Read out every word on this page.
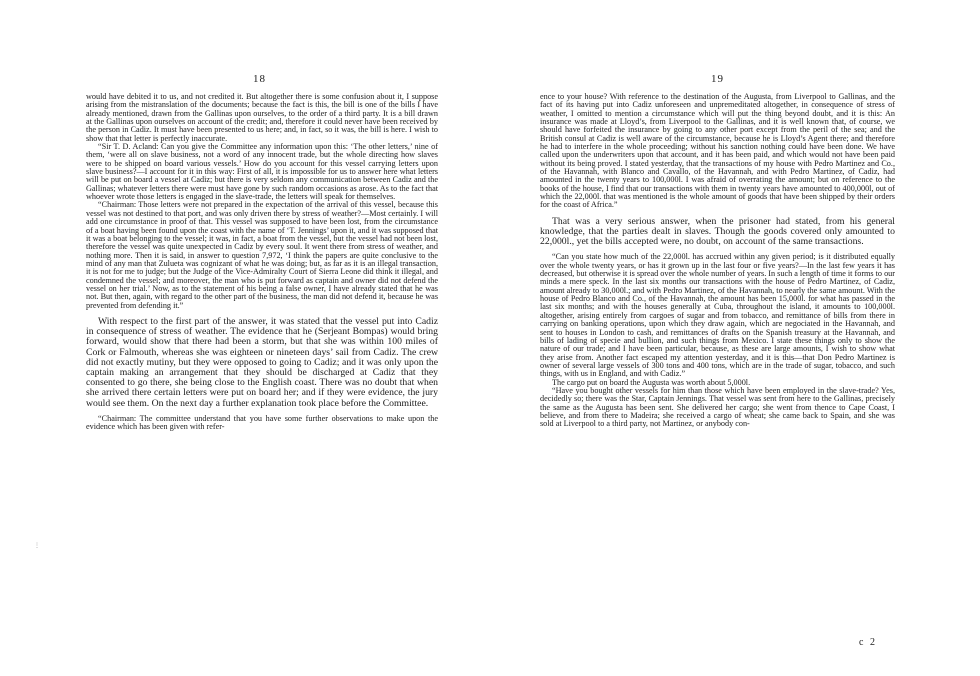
18	19

would have debited it to us, and not credited it. But altogether there is some confusion about it, I suppose arising from the mistranslation of the documents; because the fact is this, the bill is one of the bills I have already mentioned, drawn from the Gallinas upon ourselves, to the order of a third party. It is a bill drawn at the Gallinas upon ourselves on account of the credit; and, therefore it could never have been received by the person in Cadiz. It must have been presented to us here; and, in fact, so it was, the bill is here. I wish to show that that letter is perfectly inaccurate.

“Sir T. D. Acland: Can you give the Committee any information upon this: ‘The other letters,’ nine of them, ‘were all on slave business, not a word of any innocent trade, but the whole directing how slaves were to be shipped on board various vessels.’ How do you account for this vessel carrying letters upon slave business?—I account for it in this way: First of all, it is impossible for us to answer here what letters will be put on board a vessel at Cadiz; but there is very seldom any communication between Cadiz and the Gallinas; whatever letters there were must have gone by such random occasions as arose. As to the fact that whoever wrote those letters is engaged in the slave-trade, the letters will speak for themselves.

“Chairman: Those letters were not prepared in the expectation of the arrival of this vessel, because this vessel was not destined to that port, and was only driven there by stress of weather?—Most certainly. I will add one circumstance in proof of that. This vessel was supposed to have been lost, from the circumstance of a boat having been found upon the coast with the name of ‘T. Jennings’ upon it, and it was supposed that it was a boat belonging to the vessel; it was, in fact, a boat from the vessel, but the vessel had not been lost, therefore the vessel was quite unexpected in Cadiz by every soul. It went there from stress of weather, and nothing more. Then it is said, in answer to question 7,972, ‘I think the papers are quite conclusive to the mind of any man that Zulueta was cognizant of what he was doing; but, as far as it is an illegal transaction, it is not for me to judge; but the Judge of the Vice-Admiralty Court of Sierra Leone did think it illegal, and condemned the vessel; and moreover, the man who is put forward as captain and owner did not defend the vessel on her trial.’ Now, as to the statement of his being a false owner, I have already stated that he was not. But then, again, with regard to the other part of the business, the man did not defend it, because he was prevented from defending it.”

With respect to the first part of the answer, it was stated that the vessel put into Cadiz in consequence of stress of weather. The evidence that he (Serjeant Bompas) would bring forward, would show that there had been a storm, but that she was within 100 miles of Cork or Falmouth, whereas she was eighteen or nineteen days’ sail from Cadiz. The crew did not exactly mutiny, but they were opposed to going to Cadiz; and it was only upon the captain making an arrangement that they should be discharged at Cadiz that they consented to go there, she being close to the English coast. There was no doubt that when she arrived there certain letters were put on board her; and if they were evidence, the jury would see them. On the next day a further explanation took place before the Committee.

“Chairman: The committee understand that you have some further observations to make upon the evidence which has been given with refer-

ence to your house? With reference to the destination of the Augusta, from Liverpool to Gallinas, and the fact of its having put into Cadiz unforeseen and unpremeditated altogether, in consequence of stress of weather, I omitted to mention a circumstance which will put the thing beyond doubt, and it is this: An insurance was made at Lloyd’s, from Liverpool to the Gallinas, and it is well known that, of course, we should have forfeited the insurance by going to any other port except from the peril of the sea; and the British consul at Cadiz is well aware of the circumstance, because he is Lloyd’s Agent there; and therefore he had to interfere in the whole proceeding; without his sanction nothing could have been done. We have called upon the underwriters upon that account, and it has been paid, and which would not have been paid without its being proved. I stated yesterday, that the transactions of my house with Pedro Martinez and Co., of the Havannah, with Blanco and Cavallo, of the Havannah, and with Pedro Martinez, of Cadiz, had amounted in the twenty years to 100,000l. I was afraid of overrating the amount; but on reference to the books of the house, I find that our transactions with them in twenty years have amounted to 400,000l, out of which the 22,000l. that was mentioned is the whole amount of goods that have been shipped by their orders for the coast of Africa.”

That was a very serious answer, when the prisoner had stated, from his general knowledge, that the parties dealt in slaves. Though the goods covered only amounted to 22,000l., yet the bills accepted were, no doubt, on account of the same transactions.

“Can you state how much of the 22,000l. has accrued within any given period; is it distributed equally over the whole twenty years, or has it grown up in the last four or five years?—In the last few years it has decreased, but otherwise it is spread over the whole number of years. In such a length of time it forms to our minds a mere speck. In the last six months our transactions with the house of Pedro Martinez, of Cadiz, amount already to 30,000l.; and with Pedro Martinez, of the Havannah, to nearly the same amount. With the house of Pedro Blanco and Co., of the Havannah, the amount has been 15,000l. for what has passed in the last six months; and with the houses generally at Cuba, throughout the island, it amounts to 100,000l. altogether, arising entirely from cargoes of sugar and from tobacco, and remittance of bills from there in carrying on banking operations, upon which they draw again, which are negociated in the Havannah, and sent to houses in London to cash, and remittances of drafts on the Spanish treasury at the Havannah, and bills of lading of specie and bullion, and such things from Mexico. I state these things only to show the nature of our trade; and I have been particular, because, as these are large amounts, I wish to show what they arise from. Another fact escaped my attention yesterday, and it is this—that Don Pedro Martinez is owner of several large vessels of 300 tons and 400 tons, which are in the trade of sugar, tobacco, and such things, with us in England, and with Cadiz.”

The cargo put on board the Augusta was worth about 5,000l.

“Have you bought other vessels for him than those which have been employed in the slave-trade? Yes, decidedly so; there was the Star, Captain Jennings. That vessel was sent from here to the Gallinas, precisely the same as the Augusta has been sent. She delivered her cargo; she went from thence to Cape Coast, I believe, and from there to Madeira; she received a cargo of wheat; she came back to Spain, and she was sold at Liverpool to a third party, not Martinez, or anybody con-

c 2
⋮
